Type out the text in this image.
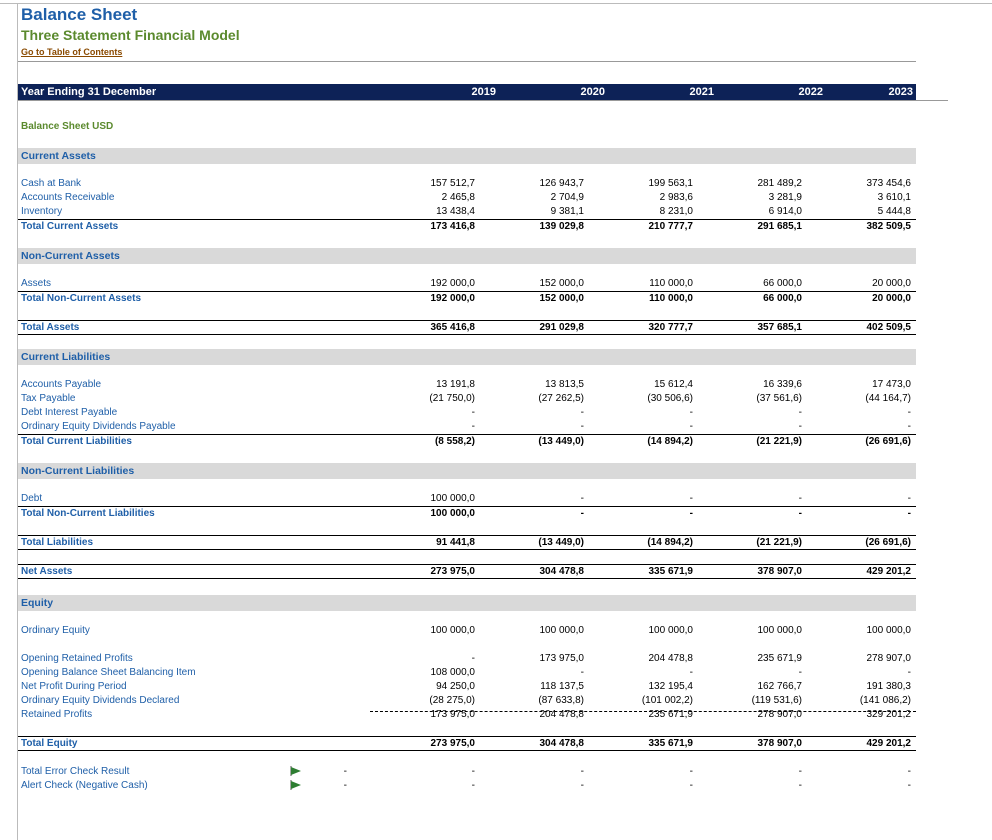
Balance Sheet
Three Statement Financial Model
Go to Table of Contents
Year Ending 31 December	2019	2020	2021	2022	2023
Balance Sheet USD
Current Assets
Cash at Bank	157 512,7	126 943,7	199 563,1	281 489,2	373 454,6
Accounts Receivable	2 465,8	2 704,9	2 983,6	3 281,9	3 610,1
Inventory	13 438,4	9 381,1	8 231,0	6 914,0	5 444,8
Total Current Assets	173 416,8	139 029,8	210 777,7	291 685,1	382 509,5
Non-Current Assets
Assets	192 000,0	152 000,0	110 000,0	66 000,0	20 000,0
Total Non-Current Assets	192 000,0	152 000,0	110 000,0	66 000,0	20 000,0
Total Assets	365 416,8	291 029,8	320 777,7	357 685,1	402 509,5
Current Liabilities
Accounts Payable	13 191,8	13 813,5	15 612,4	16 339,6	17 473,0
Tax Payable	(21 750,0)	(27 262,5)	(30 506,6)	(37 561,6)	(44 164,7)
Debt Interest Payable	-	-	-	-	-
Ordinary Equity Dividends Payable	-	-	-	-	-
Total Current Liabilities	(8 558,2)	(13 449,0)	(14 894,2)	(21 221,9)	(26 691,6)
Non-Current Liabilities
Debt	100 000,0	-	-	-	-
Total Non-Current Liabilities	100 000,0	-	-	-	-
Total Liabilities	91 441,8	(13 449,0)	(14 894,2)	(21 221,9)	(26 691,6)
Net Assets	273 975,0	304 478,8	335 671,9	378 907,0	429 201,2
Equity
Ordinary Equity	100 000,0	100 000,0	100 000,0	100 000,0	100 000,0
Opening Retained Profits	-	173 975,0	204 478,8	235 671,9	278 907,0
Opening Balance Sheet Balancing Item	108 000,0	-	-	-	-
Net Profit During Period	94 250,0	118 137,5	132 195,4	162 766,7	191 380,3
Ordinary Equity Dividends Declared	(28 275,0)	(87 633,8)	(101 002,2)	(119 531,6)	(141 086,2)
Retained Profits	173 975,0	204 478,8	235 671,9	278 907,0	329 201,2
Total Equity	273 975,0	304 478,8	335 671,9	378 907,0	429 201,2
Total Error Check Result	-	-	-	-	-	-
Alert Check (Negative Cash)	-	-	-	-	-	-
